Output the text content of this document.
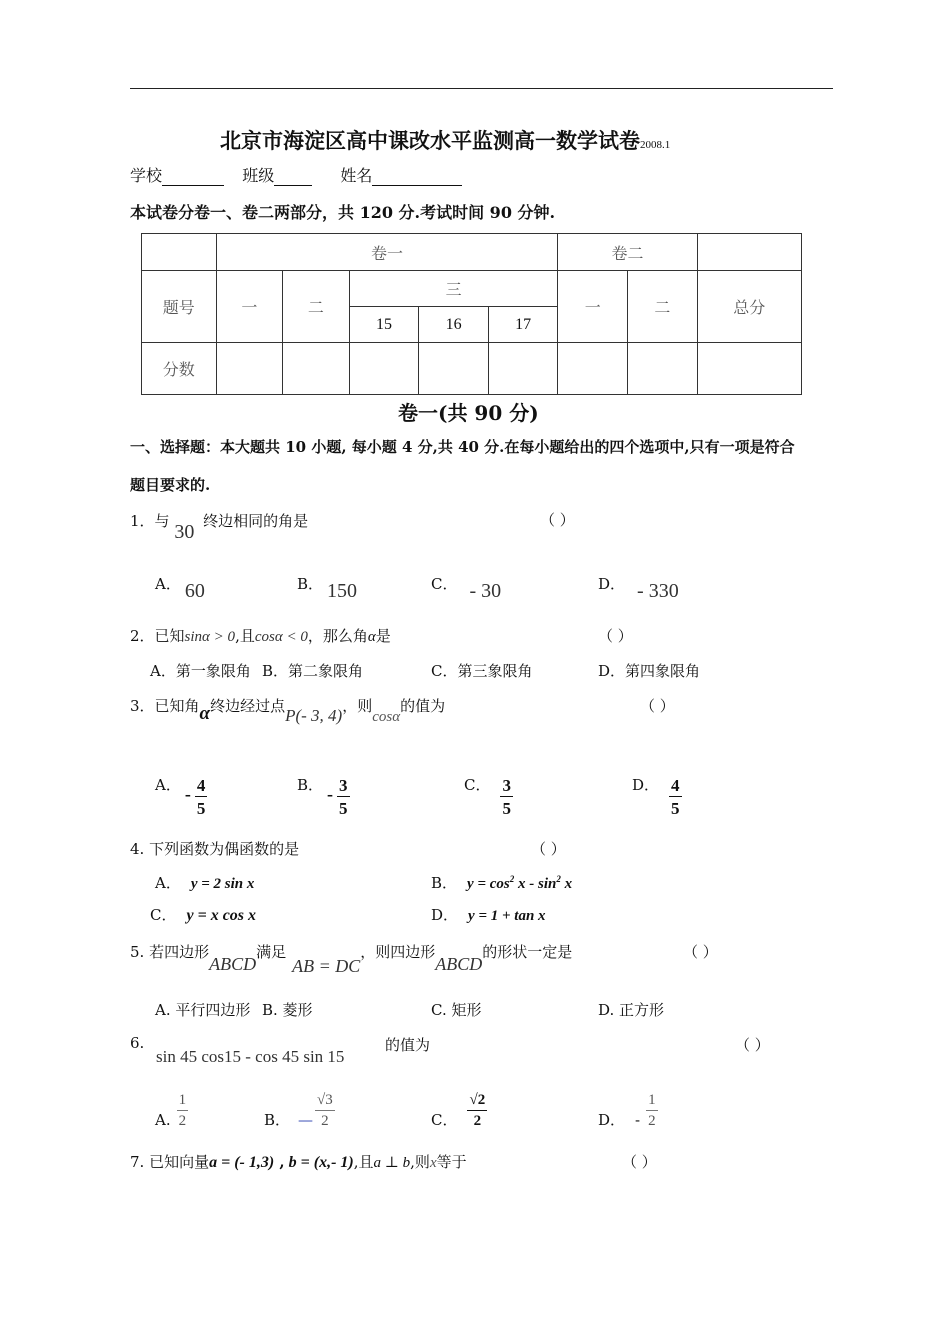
北京市海淀区高中课改水平监测高一数学试卷2008.1
学校	班级	姓名
本试卷分卷一、卷二两部分，共 120 分.考试时间 90 分钟.
	卷一					卷二		
题号	一	二	三			一	二	总分
			15	16	17			
分数								
卷一(共 90 分)
一、选择题：本大题共 10 小题, 每小题 4 分,共 40 分.在每小题给出的四个选项中,只有一项是符合
题目要求的.
1．与 30 终边相同的角是	（ ）
A． 60	B． 150	C． - 30	D． - 330
2．已知sinα > 0,且cosα < 0，那么角α是	（ ）
A．第一象限角 B．第二象限角	C．第三象限角	D．第四象限角
3．已知角α终边经过点P(- 3, 4)，则cosα的值为	（ ）
A． - $\frac{4}{5}$	B． - $\frac{3}{5}$	C． $\frac{3}{5}$	D． $\frac{4}{5}$
4. 下列函数为偶函数的是	（ ）
A． y = 2 sin x	B． $y = \cos^2 x - \sin^2 x$
C． y = x cos x	D． y = 1 + tan x
5. 若四边形ABCD满足AB = DC，则四边形ABCD的形状一定是	（ ）
A. 平行四边形 B. 菱形	C. 矩形	D. 正方形
6.
sin 45 cos15 - cos 45 sin 15
的值为	（ ）
A. $\frac{1}{2}$	B． — $\frac{√3}{2}$	C． $\frac{√2}{2}$	D． - $\frac{1}{2}$
7. 已知向量a = (- 1,3) , b = (x,- 1),且a ⊥ b,则x等于	（ ）
